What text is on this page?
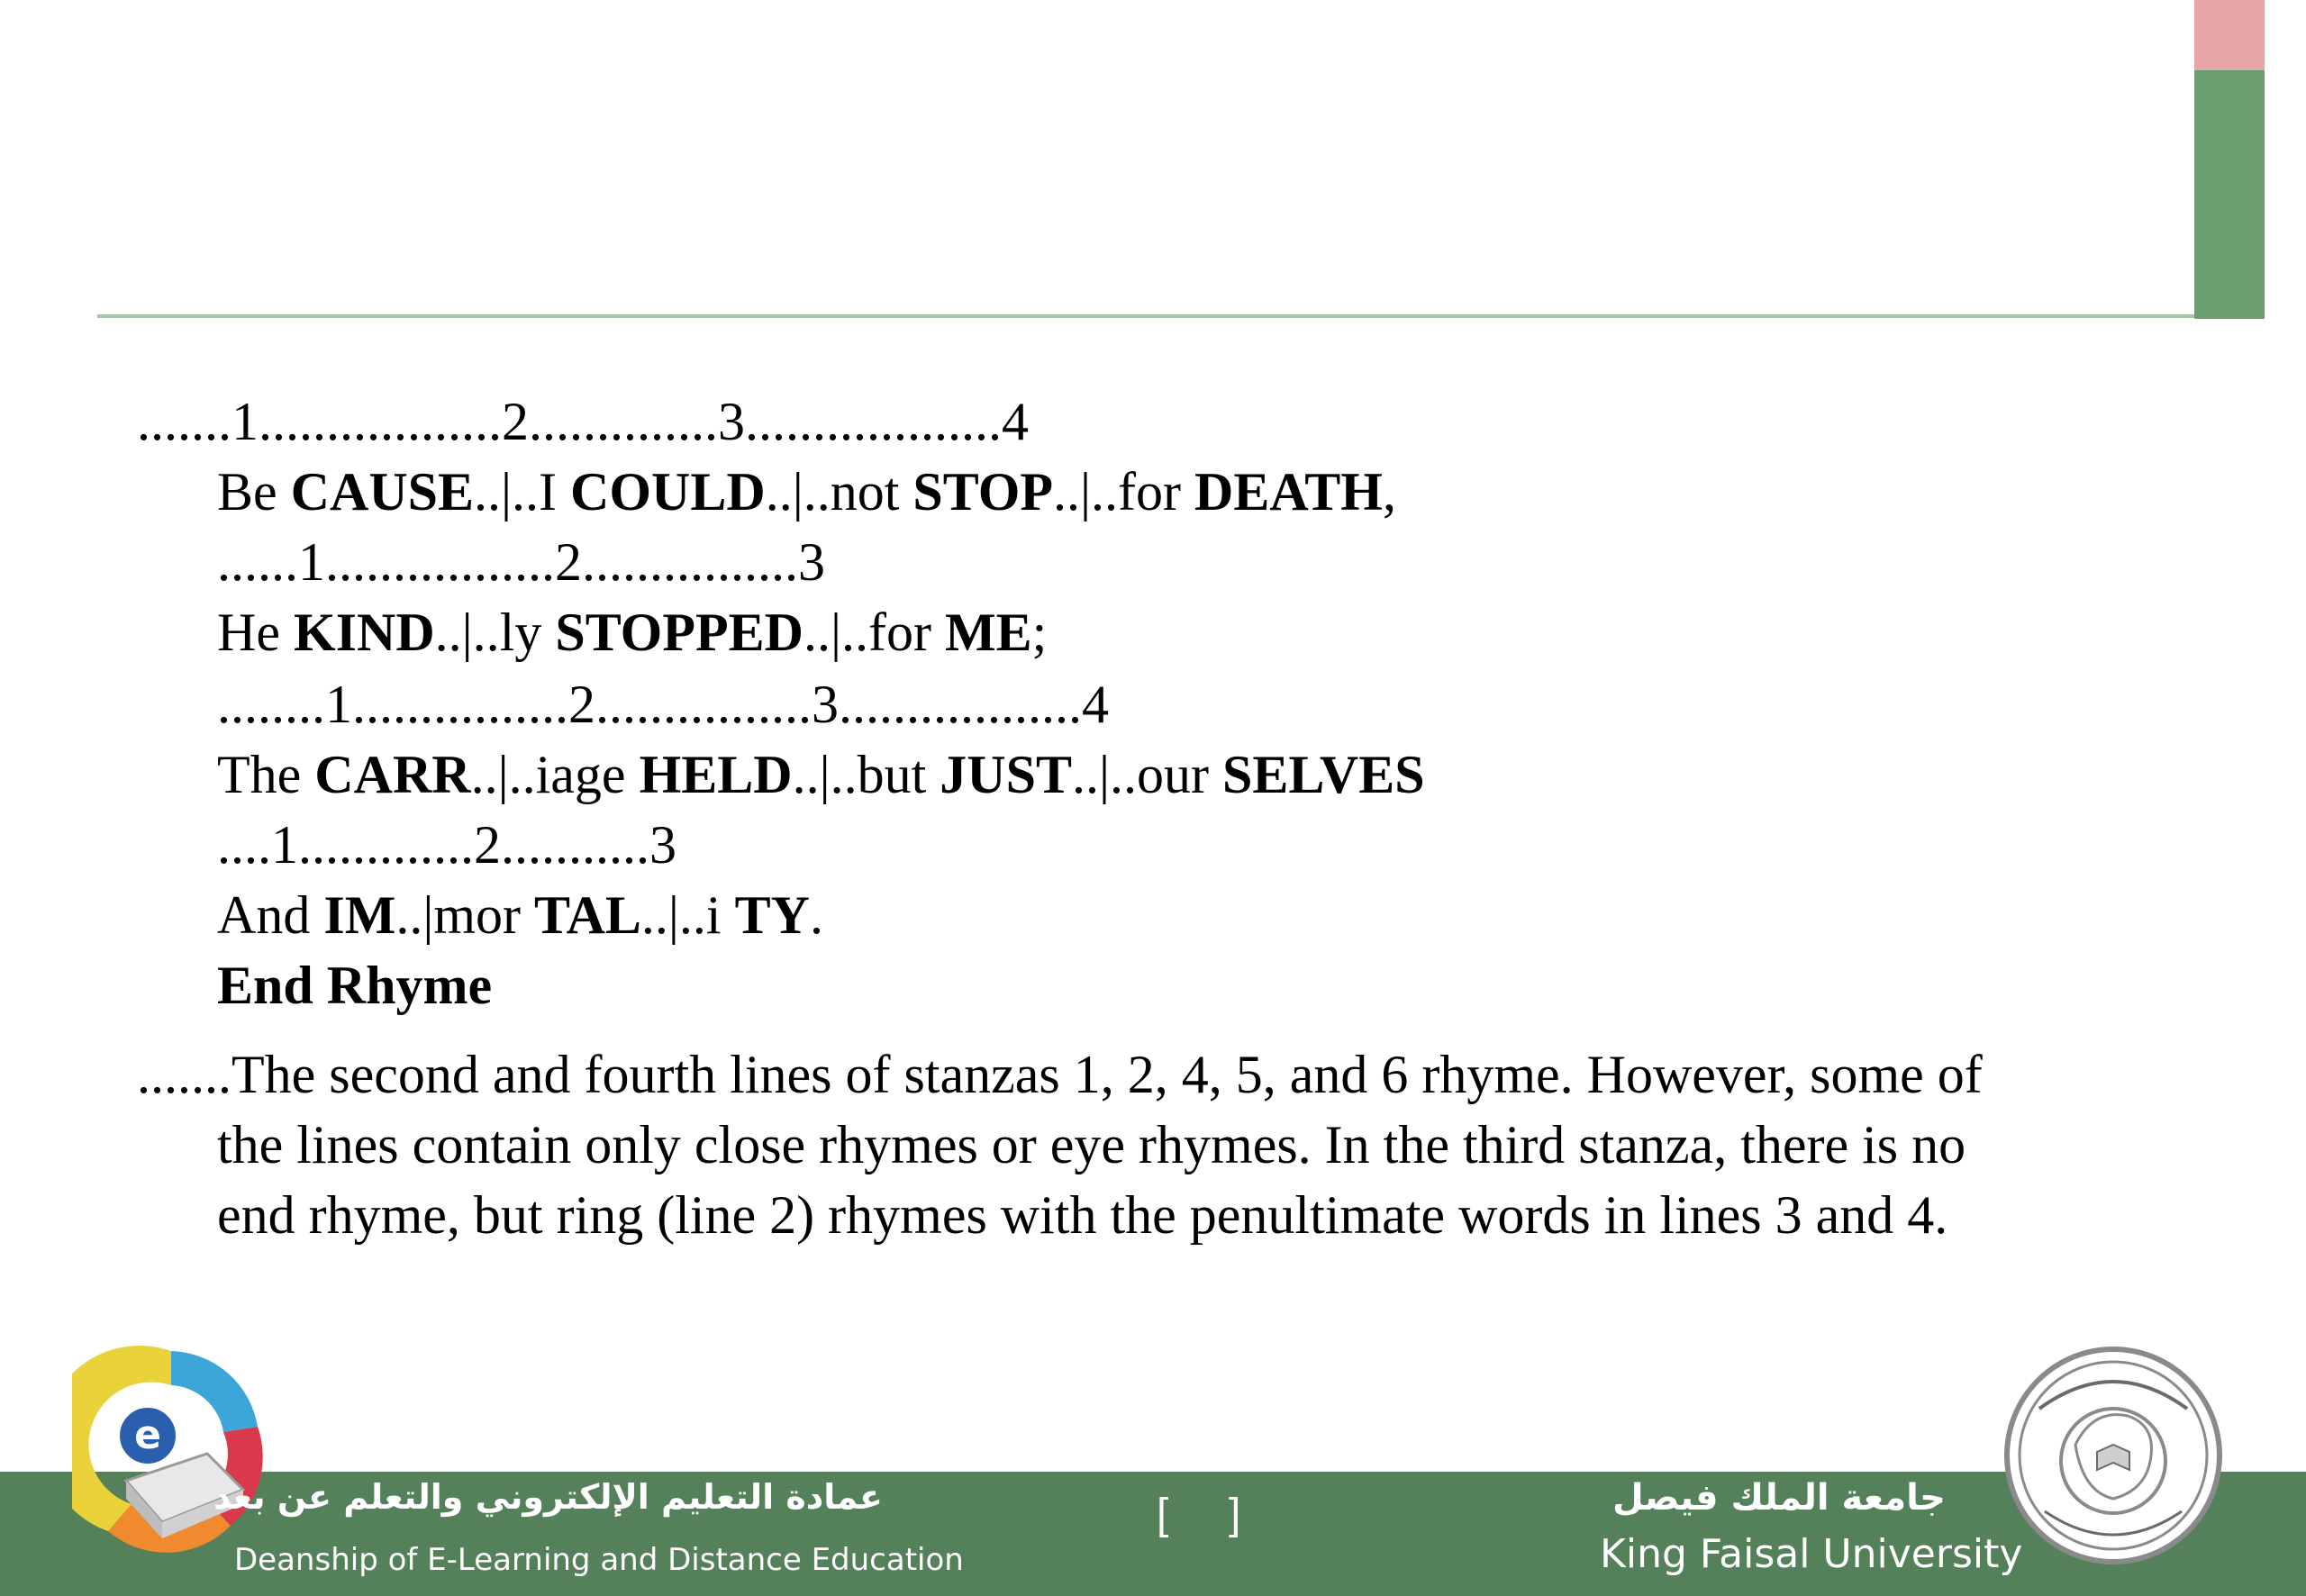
.......1..................2..............3...................4
Be CAUSE..|..I COULD..|..not STOP..|..for DEATH,
......1.................2................3
He KIND..|..ly STOPPED..|..for ME;
........1................2................3..................4
The CARR..|..iage HELD..|..but JUST..|..our SELVES
....1.............2...........3
And IM..|mor TAL..|..i TY.
End Rhyme
.......The second and fourth lines of stanzas 1, 2, 4, 5, and 6 rhyme. However, some of
the lines contain only close rhymes or eye rhymes. In the third stanza, there is no
end rhyme, but ring (line 2) rhymes with the penultimate words in lines 3 and 4.
e
عمادة التعليم الإلكتروني والتعلم عن بعد
Deanship of E-Learning and Distance Education
[     ]	جامعة الملك فيصل
King Faisal University
